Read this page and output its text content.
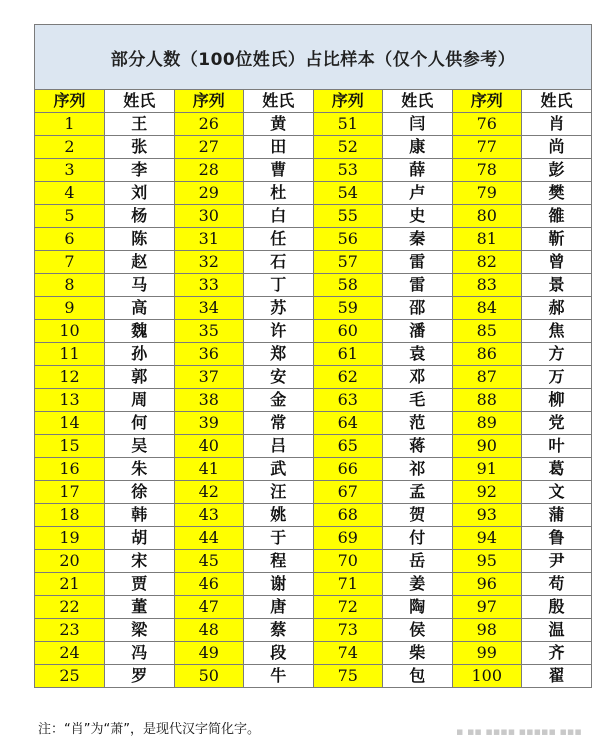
部分人数（100位姓氏）占比样本（仅个人供参考）
序列	姓氏	序列	姓氏	序列	姓氏	序列	姓氏
1	王	26	黄	51	闫	76	肖
2	张	27	田	52	康	77	尚
3	李	28	曹	53	薛	78	彭
4	刘	29	杜	54	卢	79	樊
5	杨	30	白	55	史	80	雒
6	陈	31	任	56	秦	81	靳
7	赵	32	石	57	雷	82	曾
8	马	33	丁	58	雷	83	景
9	高	34	苏	59	邵	84	郝
10	魏	35	许	60	潘	85	焦
11	孙	36	郑	61	袁	86	方
12	郭	37	安	62	邓	87	万
13	周	38	金	63	毛	88	柳
14	何	39	常	64	范	89	党
15	吴	40	吕	65	蒋	90	叶
16	朱	41	武	66	祁	91	葛
17	徐	42	汪	67	孟	92	文
18	韩	43	姚	68	贺	93	蒲
19	胡	44	于	69	付	94	鲁
20	宋	45	程	70	岳	95	尹
21	贾	46	谢	71	姜	96	苟
22	董	47	唐	72	陶	97	殷
23	梁	48	蔡	73	侯	98	温
24	冯	49	段	74	柴	99	齐
25	罗	50	牛	75	包	100	翟
注：“肖”为“萧”，是现代汉字简化字。	▪ ▪▪ ▪▪▪▪ ▪▪▪▪▪ ▪▪▪
